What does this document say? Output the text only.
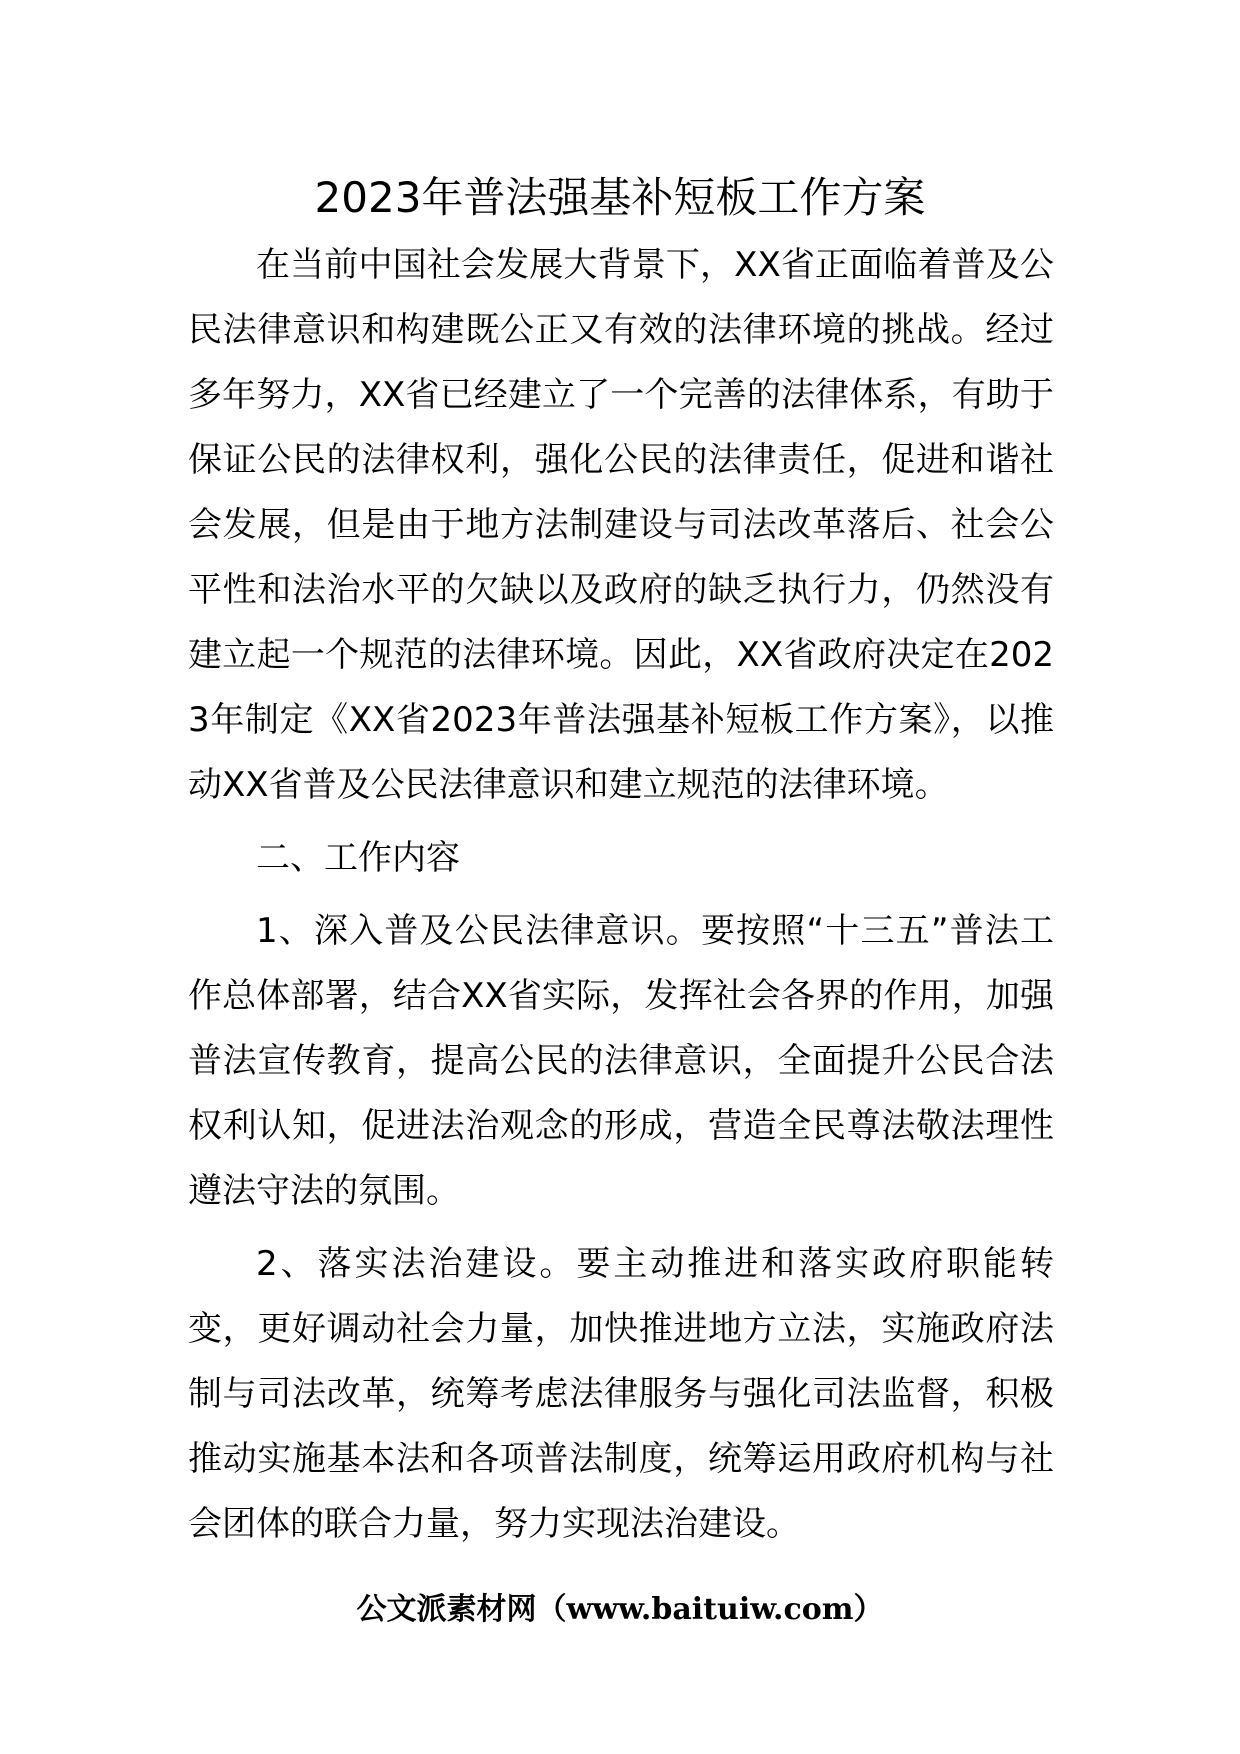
2023年普法强基补短板工作方案

在当前中国社会发展大背景下，XX省正面临着普及公民法律意识和构建既公正又有效的法律环境的挑战。经过多年努力，XX省已经建立了一个完善的法律体系，有助于保证公民的法律权利，强化公民的法律责任，促进和谐社会发展，但是由于地方法制建设与司法改革落后、社会公平性和法治水平的欠缺以及政府的缺乏执行力，仍然没有建立起一个规范的法律环境。因此，XX省政府决定在2023年制定《XX省2023年普法强基补短板工作方案》，以推动XX省普及公民法律意识和建立规范的法律环境。

二、工作内容

1、深入普及公民法律意识。要按照“十三五”普法工作总体部署，结合XX省实际，发挥社会各界的作用，加强普法宣传教育，提高公民的法律意识，全面提升公民合法权利认知，促进法治观念的形成，营造全民尊法敬法理性遵法守法的氛围。

2、落实法治建设。要主动推进和落实政府职能转变，更好调动社会力量，加快推进地方立法，实施政府法制与司法改革，统筹考虑法律服务与强化司法监督，积极推动实施基本法和各项普法制度，统筹运用政府机构与社会团体的联合力量，努力实现法治建设。

公文派素材网（www.baituiw.com）
